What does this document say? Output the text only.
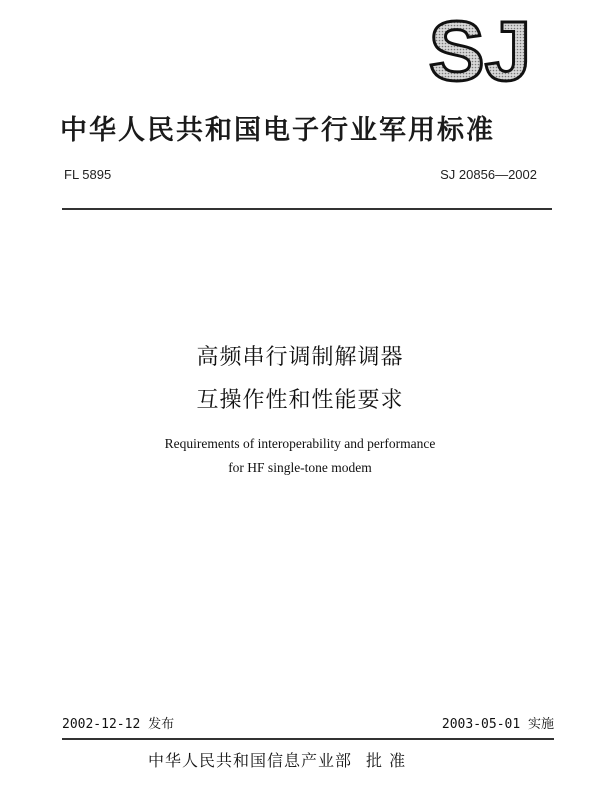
SJ
中华人民共和国电子行业军用标准
FL 5895	SJ 20856—2002
高频串行调制解调器
互操作性和性能要求
Requirements of interoperability and performance
for HF single-tone modem
2002-12-12 发布	2003-05-01 实施
中华人民共和国信息产业部 批 准
